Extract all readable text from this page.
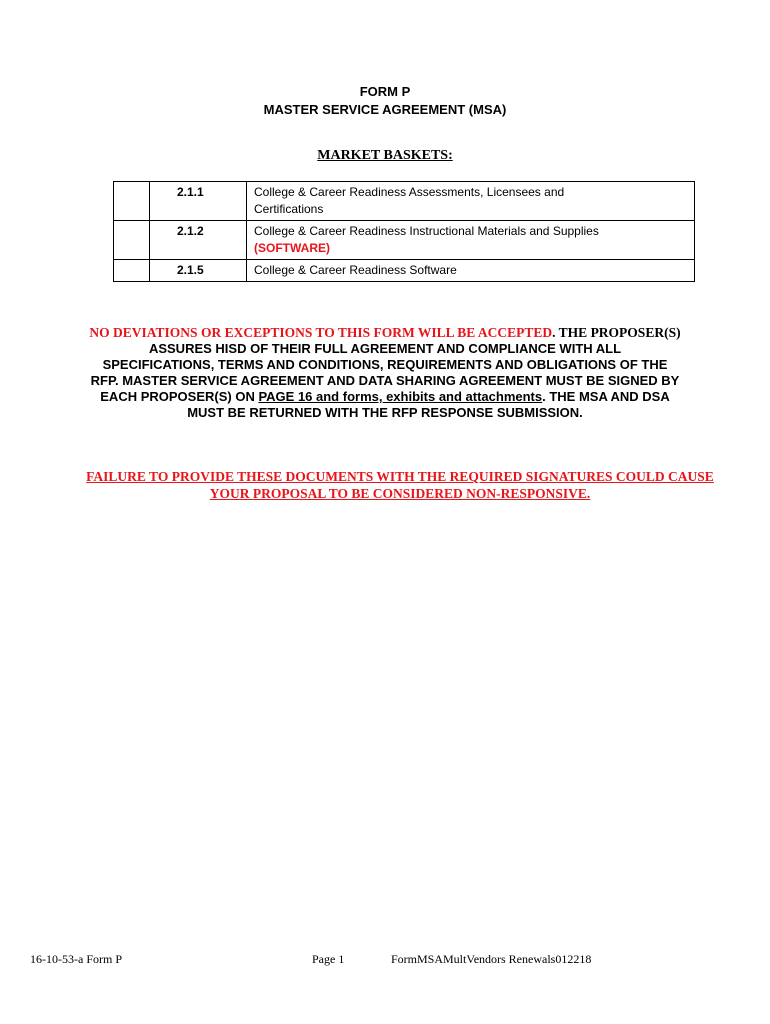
FORM P
MASTER SERVICE AGREEMENT (MSA)
MARKET BASKETS:
	2.1.1	College & Career Readiness Assessments, Licensees and
Certifications

	2.1.2	College & Career Readiness Instructional Materials and Supplies
(SOFTWARE)

	2.1.5	College & Career Readiness Software
NO DEVIATIONS OR EXCEPTIONS TO THIS FORM WILL BE ACCEPTED. THE PROPOSER(S)
ASSURES HISD OF THEIR FULL AGREEMENT AND COMPLIANCE WITH ALL
SPECIFICATIONS, TERMS AND CONDITIONS, REQUIREMENTS AND OBLIGATIONS OF THE
RFP. MASTER SERVICE AGREEMENT AND DATA SHARING AGREEMENT MUST BE SIGNED BY
EACH PROPOSER(S) ON PAGE 16 and forms, exhibits and attachments. THE MSA AND DSA
MUST BE RETURNED WITH THE RFP RESPONSE SUBMISSION.
FAILURE TO PROVIDE THESE DOCUMENTS WITH THE REQUIRED SIGNATURES COULD CAUSE
YOUR PROPOSAL TO BE CONSIDERED NON-RESPONSIVE.
16-10-53-a Form P	Page 1	FormMSAMultVendors Renewals012218
